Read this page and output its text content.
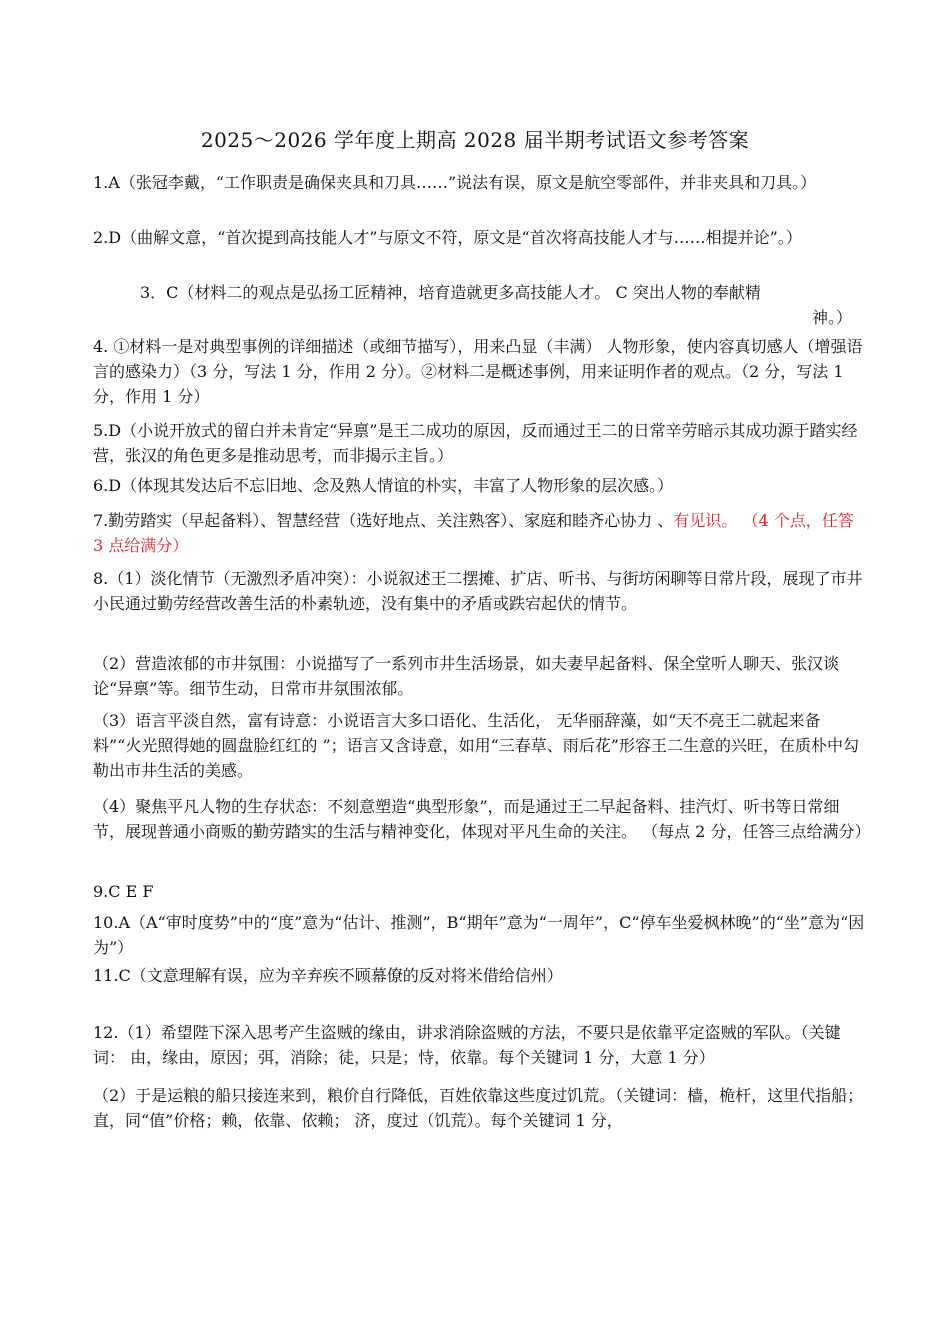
2025～2026 学年度上期高 2028 届半期考试语文参考答案
1.A（张冠李戴，“工作职责是确保夹具和刀具……”说法有误，原文是航空零部件，并非夹具和刀具。）
2.D（曲解文意，“首次提到高技能人才”与原文不符，原文是“首次将高技能人才与……相提并论”。）
3．C（材料二的观点是弘扬工匠精神，培育造就更多高技能人才。 C 突出人物的奉献精
神。）
4. ①材料一是对典型事例的详细描述（或细节描写），用来凸显（丰满） 人物形象，使内容真切感人（增强语言的感染力）（3 分，写法 1 分，作用 2 分）。②材料二是概述事例，用来证明作者的观点。（2 分，写法 1 分，作用 1 分）
5.D（小说开放式的留白并未肯定“异禀”是王二成功的原因，反而通过王二的日常辛劳暗示其成功源于踏实经营，张汉的角色更多是推动思考，而非揭示主旨。）
6.D（体现其发达后不忘旧地、念及熟人情谊的朴实，丰富了人物形象的层次感。）
7.勤劳踏实（早起备料）、智慧经营（选好地点、关注熟客）、家庭和睦齐心协力 、有见识。 （4 个点，任答 3 点给满分）
8.（1）淡化情节（无激烈矛盾冲突）：小说叙述王二摆摊、扩店、听书、与街坊闲聊等日常片段，展现了市井小民通过勤劳经营改善生活的朴素轨迹，没有集中的矛盾或跌宕起伏的情节。
（2）营造浓郁的市井氛围：小说描写了一系列市井生活场景，如夫妻早起备料、保全堂听人聊天、张汉谈论“异禀”等。细节生动，日常市井氛围浓郁。
（3）语言平淡自然，富有诗意：小说语言大多口语化、生活化， 无华丽辞藻，如“天不亮王二就起来备料”“火光照得她的圆盘脸红红的 ”；语言又含诗意，如用“三春草、雨后花”形容王二生意的兴旺，在质朴中勾勒出市井生活的美感。
（4）聚焦平凡人物的生存状态：不刻意塑造“典型形象”，而是通过王二早起备料、挂汽灯、听书等日常细节，展现普通小商贩的勤劳踏实的生活与精神变化，体现对平凡生命的关注。 （每点 2 分，任答三点给满分）
9.C E F
10.A（A“审时度势”中的“度”意为“估计、推测”，B“期年”意为“一周年”，C“停车坐爱枫林晚”的“坐”意为“因为”）
11.C（文意理解有误，应为辛弃疾不顾幕僚的反对将米借给信州）
12.（1）希望陛下深入思考产生盗贼的缘由，讲求消除盗贼的方法，不要只是依靠平定盗贼的军队。（关键词： 由，缘由，原因；弭，消除；徒，只是；恃，依靠。每个关键词 1 分，大意 1 分）
（2）于是运粮的船只接连来到，粮价自行降低，百姓依靠这些度过饥荒。（关键词：樯，桅杆，这里代指船；直，同“值”价格；赖，依靠、依赖； 济，度过（饥荒）。每个关键词 1 分，
